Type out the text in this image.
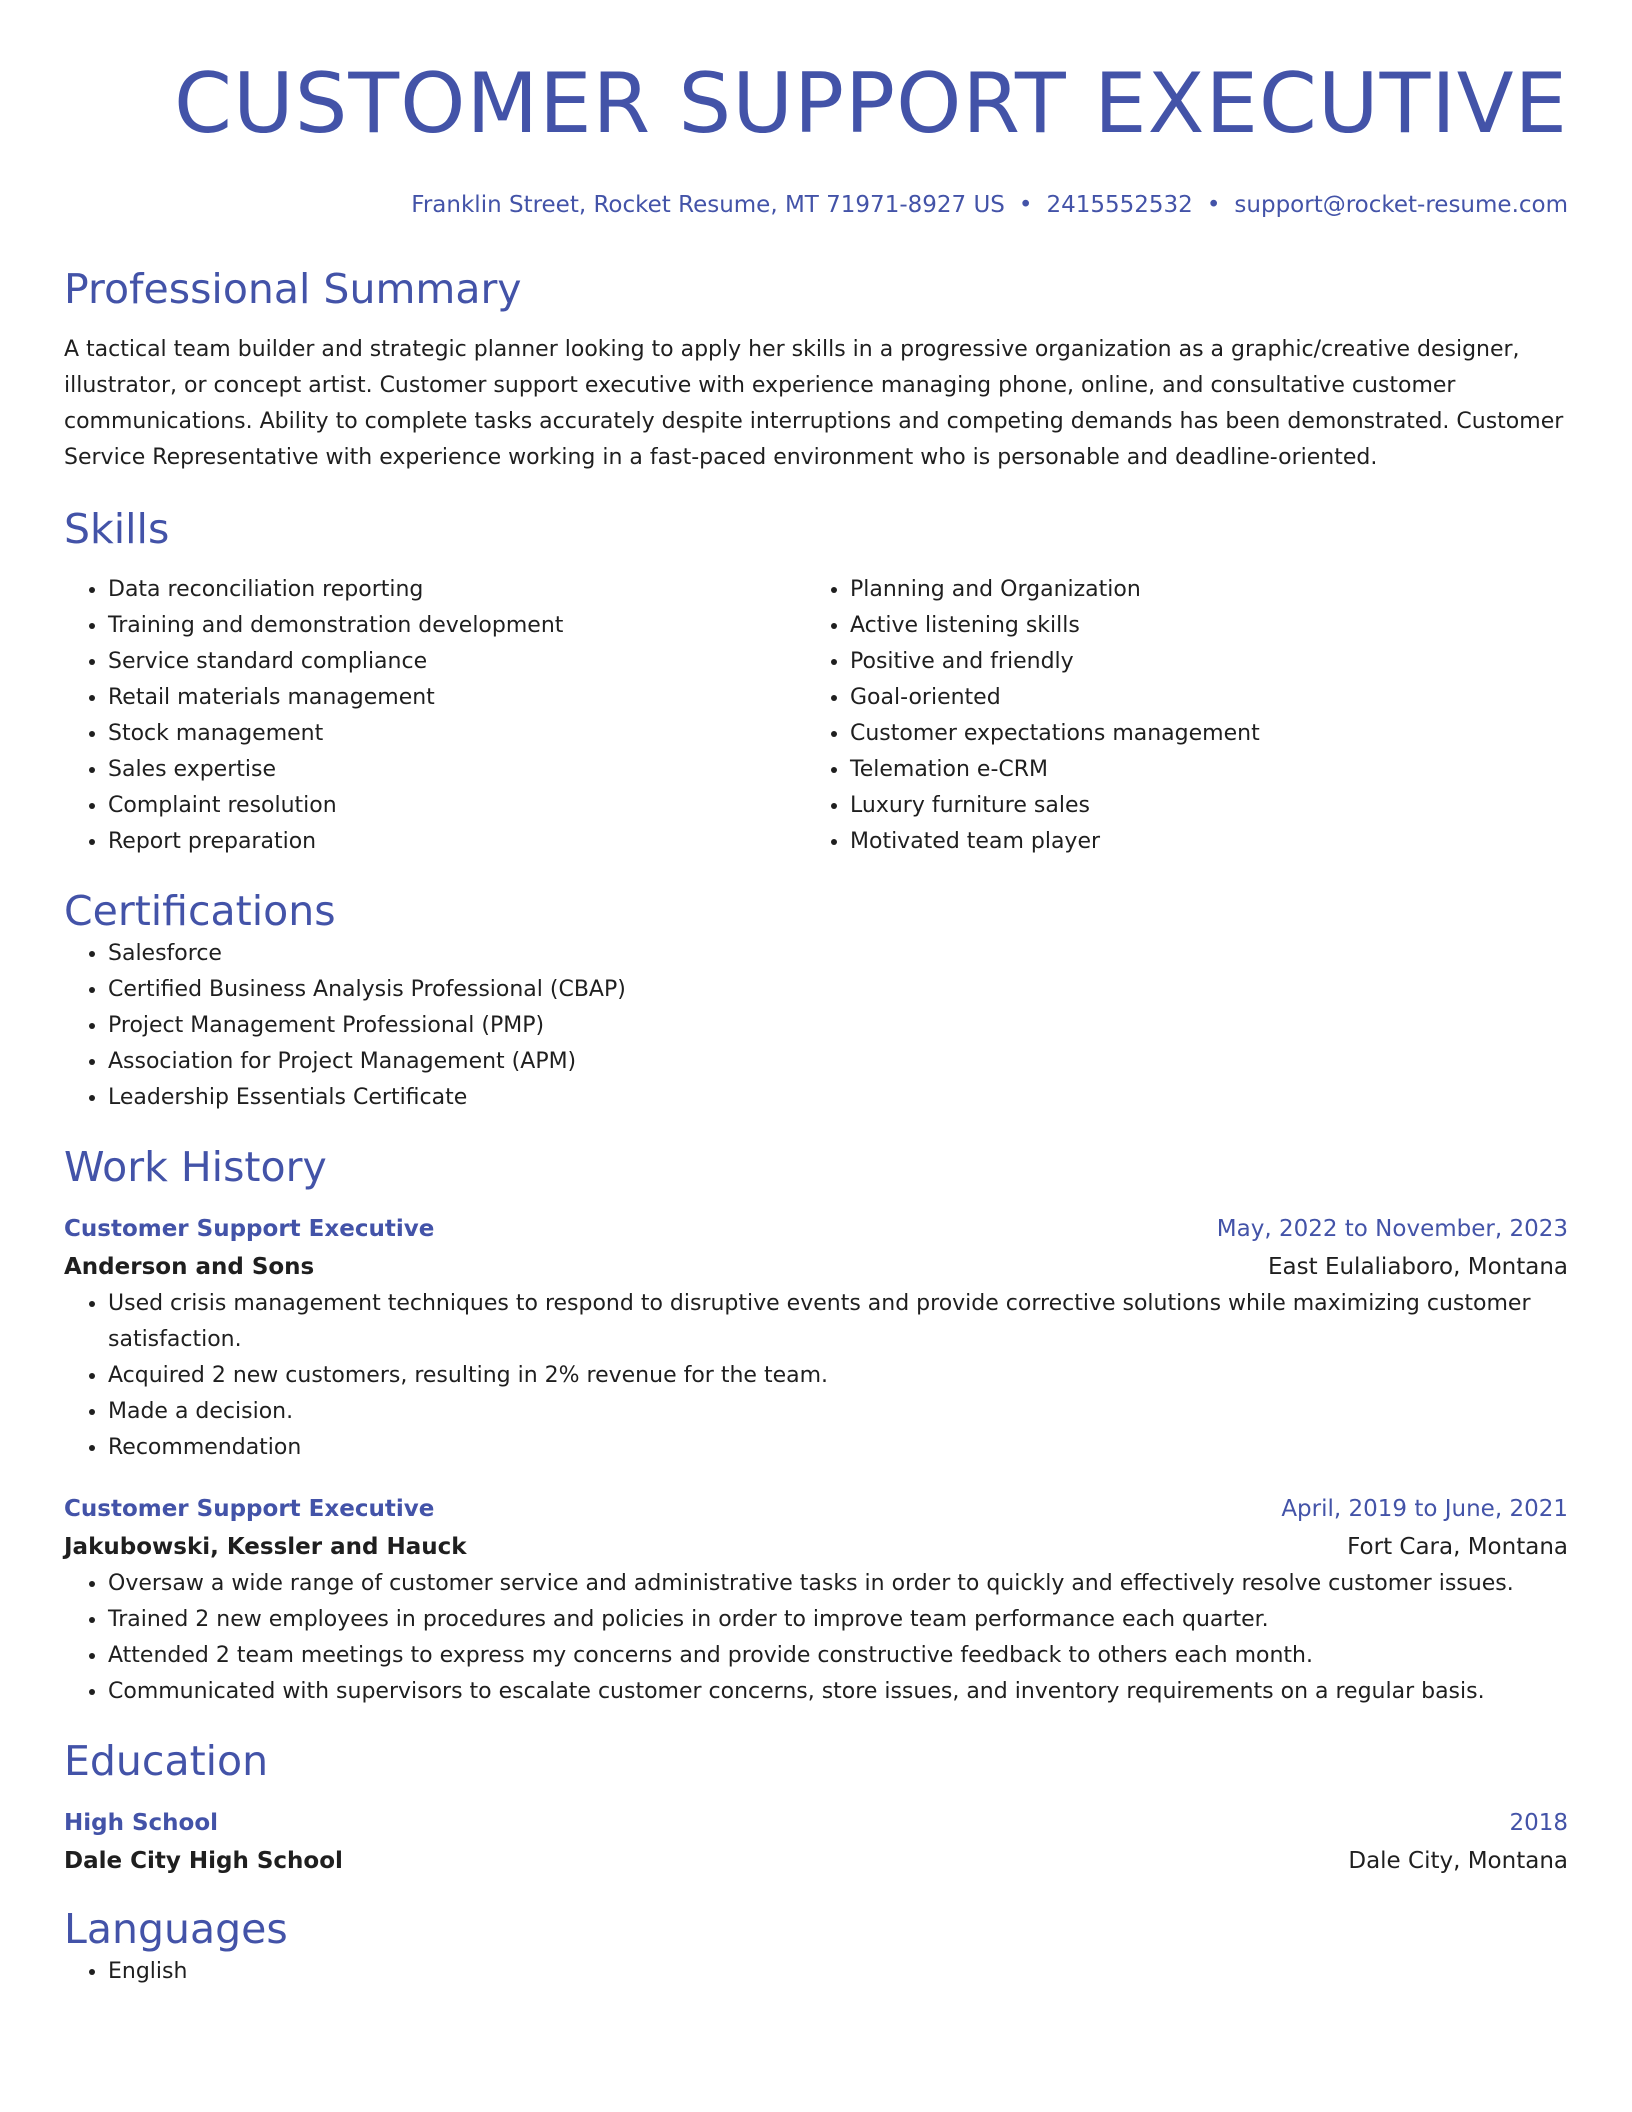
CUSTOMER SUPPORT EXECUTIVE
Franklin Street, Rocket Resume, MT 71971-8927 US • 2415552532 • support@rocket-resume.com
Professional Summary

A tactical team builder and strategic planner looking to apply her skills in a progressive organization as a graphic/creative designer, illustrator, or concept artist. Customer support executive with experience managing phone, online, and consultative customer communications. Ability to complete tasks accurately despite interruptions and competing demands has been demonstrated. Customer Service Representative with experience working in a fast-paced environment who is personable and deadline-oriented.

Skills
• Data reconciliation reporting
• Training and demonstration development
• Service standard compliance
• Retail materials management
• Stock management
• Sales expertise
• Complaint resolution
• Report preparation
• Planning and Organization
• Active listening skills
• Positive and friendly
• Goal-oriented
• Customer expectations management
• Telemation e-CRM
• Luxury furniture sales
• Motivated team player
Certifications
• Salesforce
• Certified Business Analysis Professional (CBAP)
• Project Management Professional (PMP)
• Association for Project Management (APM)
• Leadership Essentials Certificate
Work History
Customer Support Executive	May, 2022 to November, 2023
Anderson and Sons	East Eulaliaboro, Montana
• Used crisis management techniques to respond to disruptive events and provide corrective solutions while maximizing customer satisfaction.
• Acquired 2 new customers, resulting in 2% revenue for the team.
• Made a decision.
• Recommendation
Customer Support Executive	April, 2019 to June, 2021
Jakubowski, Kessler and Hauck	Fort Cara, Montana
• Oversaw a wide range of customer service and administrative tasks in order to quickly and effectively resolve customer issues.
• Trained 2 new employees in procedures and policies in order to improve team performance each quarter.
• Attended 2 team meetings to express my concerns and provide constructive feedback to others each month.
• Communicated with supervisors to escalate customer concerns, store issues, and inventory requirements on a regular basis.
Education
High School	2018
Dale City High School	Dale City, Montana
Languages
• English
